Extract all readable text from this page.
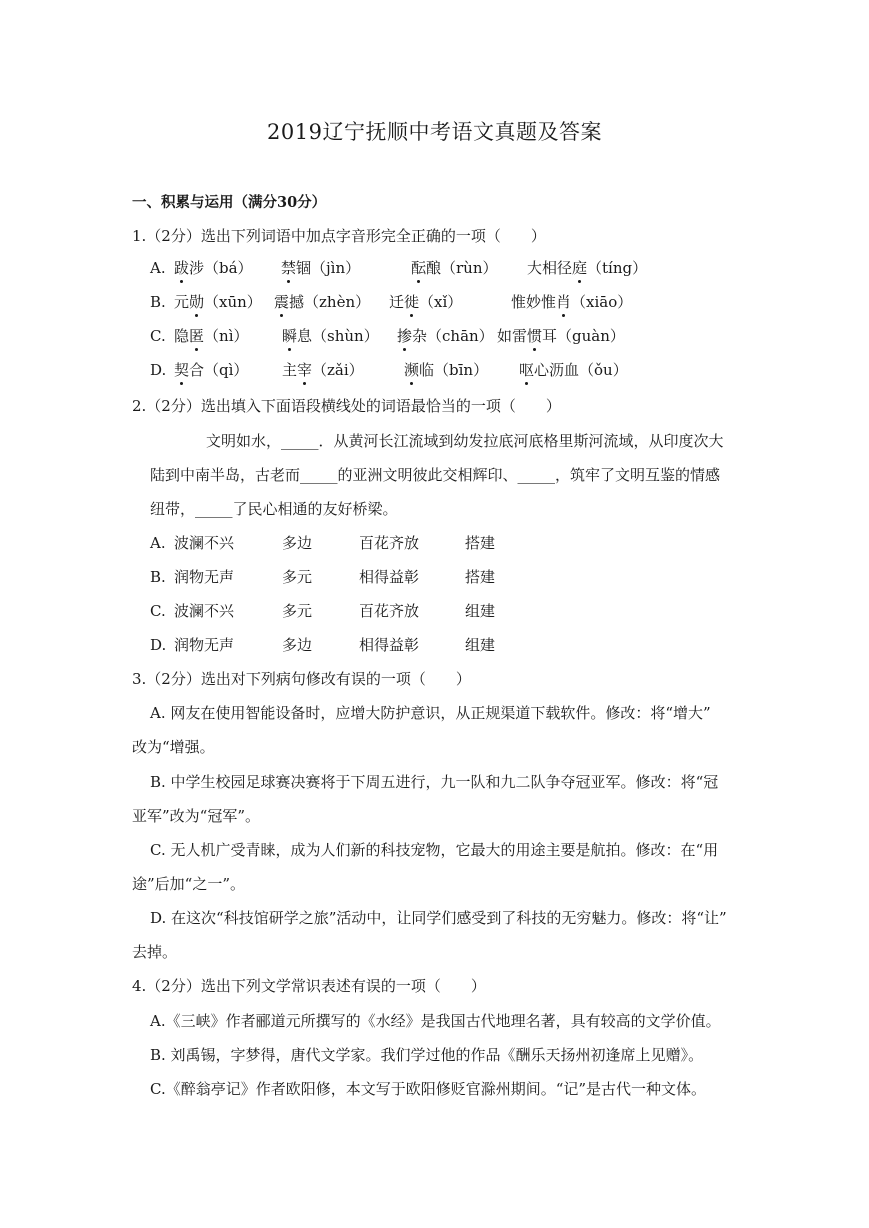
2019辽宁抚顺中考语文真题及答案
一、积累与运用（满分30分）
1.（2分）选出下列词语中加点字音形完全正确的一项（　　）
A. 跋涉（bá） 禁锢（jìn）	酝酿（rùn） 大相径庭（tíng）
B. 元勋（xūn） 震撼（zhèn） 迁徙（xǐ）	惟妙惟肖（xiāo）
C. 隐匿（nì） 瞬息（shùn） 掺杂（chān） 如雷惯耳（guàn）
D. 契合（qì） 主宰（zǎi）	濒临（bīn） 呕心沥血（ǒu）
2.（2分）选出填入下面语段横线处的词语最恰当的一项（　　）
文明如水，_____．从黄河长江流域到幼发拉底河底格里斯河流域，从印度次大
陆到中南半岛，古老而_____的亚洲文明彼此交相辉印、_____，筑牢了文明互鉴的情感
纽带，_____了民心相通的友好桥梁。
A. 波澜不兴	多边	百花齐放	搭建
B. 润物无声	多元	相得益彰	搭建
C. 波澜不兴	多元	百花齐放	组建
D. 润物无声	多边	相得益彰	组建
3.（2分）选出对下列病句修改有误的一项（　　）
A. 网友在使用智能设备时，应增大防护意识，从正规渠道下载软件。修改：将“增大”
改为“增强。
B. 中学生校园足球赛决赛将于下周五进行，九一队和九二队争夺冠亚军。修改：将“冠
亚军”改为“冠军”。
C. 无人机广受青睐，成为人们新的科技宠物，它最大的用途主要是航拍。修改：在“用
途”后加“之一”。
D. 在这次“科技馆研学之旅”活动中，让同学们感受到了科技的无穷魅力。修改：将“让”
去掉。
4.（2分）选出下列文学常识表述有误的一项（　　）
A.《三峡》作者郦道元所撰写的《水经》是我国古代地理名著，具有较高的文学价值。
B. 刘禹锡，字梦得，唐代文学家。我们学过他的作品《酬乐天扬州初逢席上见赠》。
C.《醉翁亭记》作者欧阳修，本文写于欧阳修贬官滁州期间。“记”是古代一种文体。
